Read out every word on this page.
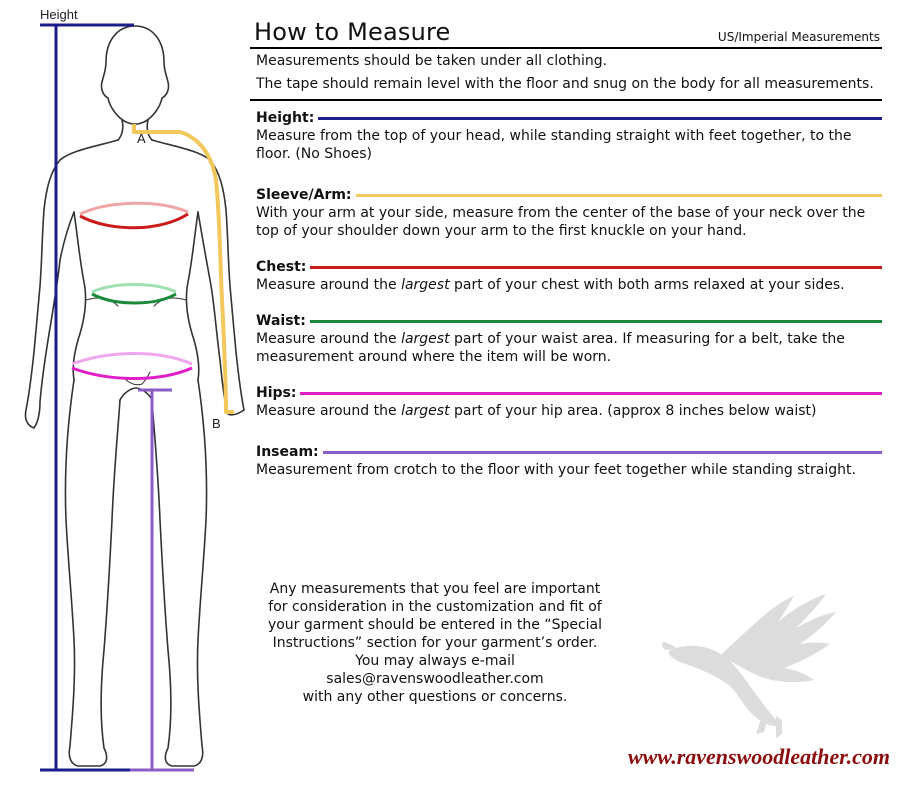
Height
A
B
How to Measure	US/Imperial Measurements
Measurements should be taken under all clothing.
The tape should remain level with the floor and snug on the body for all measurements.
Height:
Measure from the top of your head, while standing straight with feet together, to the floor. (No Shoes)
Sleeve/Arm:
With your arm at your side, measure from the center of the base of your neck over the top of your shoulder down your arm to the first knuckle on your hand.
Chest:
Measure around the largest part of your chest with both arms relaxed at your sides.
Waist:
Measure around the largest part of your waist area. If measuring for a belt, take the measurement around where the item will be worn.
Hips:
Measure around the largest part of your hip area. (approx 8 inches below waist)
Inseam:
Measurement from crotch to the floor with your feet together while standing straight.
Any measurements that you feel are important
for consideration in the customization and fit of
your garment should be entered in the “Special
Instructions” section for your garment’s order.
You may always e-mail
sales@ravenswoodleather.com
with any other questions or concerns.
www.ravenswoodleather.com
